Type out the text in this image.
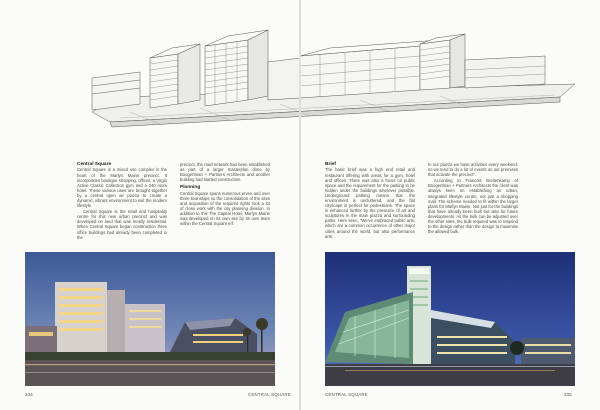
Central Square

Central Square is a mixed use complex in the heart of the Marlyn Maine precinct. It incorporates boutique shopping, offices, a Virgin Active Classic Collection gym and a 240 room hotel. These various uses are brought together by a central open air piazza to create a dynamic, vibrant environment to suit the modern lifestyle.

Central Square is the retail and hospitality centre for this new urban precinct and was developed on land that was mostly residential. When Central Square began construction three office buildings had already been completed in the

precinct, the road network had been established as part of a larger masterplan done by Boogertman + Partners Architects and another building had started construction.

Planning

Central Square spans numerous erven and over three townships so the consolidation of the sites and acquisition of the required rights took a lot of close work with the city planning division. In addition to this The Capital Hotel, Marlyn Maine was developed on its own site by its own team within the Central Square erf.

Brief

The basic brief was a high end retail and restaurant offering with areas for a gym, hotel and offices. There was also a focus on public space and the requirement for the parking to be hidden under the buildings wherever possible. Underground parking means that the environment is uncluttered, and the flat cityscape is perfect for pedestrians. The space is enhanced further by the presence of art and sculptures in the main piazza and surrounding parks. Here seen, "We've embraced public arts, which are a common occurrence of other major cities around the world, but also performance arts.

In our piazza we have activities every weekend, so we tend to do a lot of events on our premises that activate the precinct".

According to Francois Breitenkamp of Boogertman + Partners Architects the client was always keen on establishing an urban, integrated lifestyle centre, not just a shopping mall. The scheme needed to fit within the larger plans for Marlyn Maine. Not just for the buildings that have already been built but also for future developments. As the bulk can be adjusted over the other sites, the bulk required was to respond to the design rather than the design to maximise the allowed bulk.

334	CENTRAL SQUARE	CENTRAL SQUARE	335
